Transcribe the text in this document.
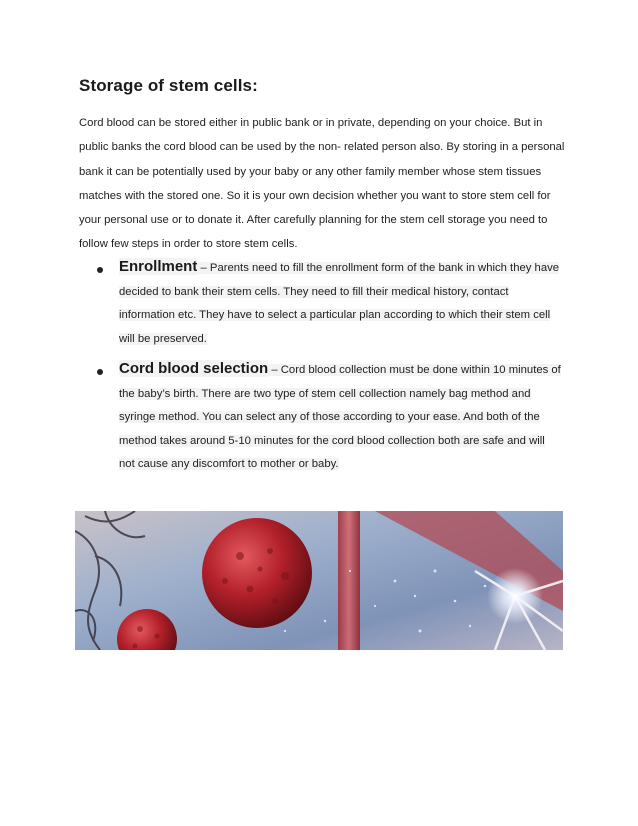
Storage of stem cells:

Cord blood can be stored either in public bank or in private, depending on your choice. But in public banks the cord blood can be used by the non- related person also. By storing in a personal bank it can be potentially used by your baby or any other family member whose stem tissues matches with the stored one. So it is your own decision whether you want to store stem cell for your personal use or to donate it. After carefully planning for the stem cell storage you need to follow few steps in order to store stem cells.

Enrollment – Parents need to fill the enrollment form of the bank in which they have decided to bank their stem cells. They need to fill their medical history, contact information etc. They have to select a particular plan according to which their stem cell will be preserved.

Cord blood selection – Cord blood collection must be done within 10 minutes of the baby’s birth. There are two type of stem cell collection namely bag method and syringe method. You can select any of those according to your ease. And both of the method takes around 5-10 minutes for the cord blood collection both are safe and will not cause any discomfort to mother or baby.
